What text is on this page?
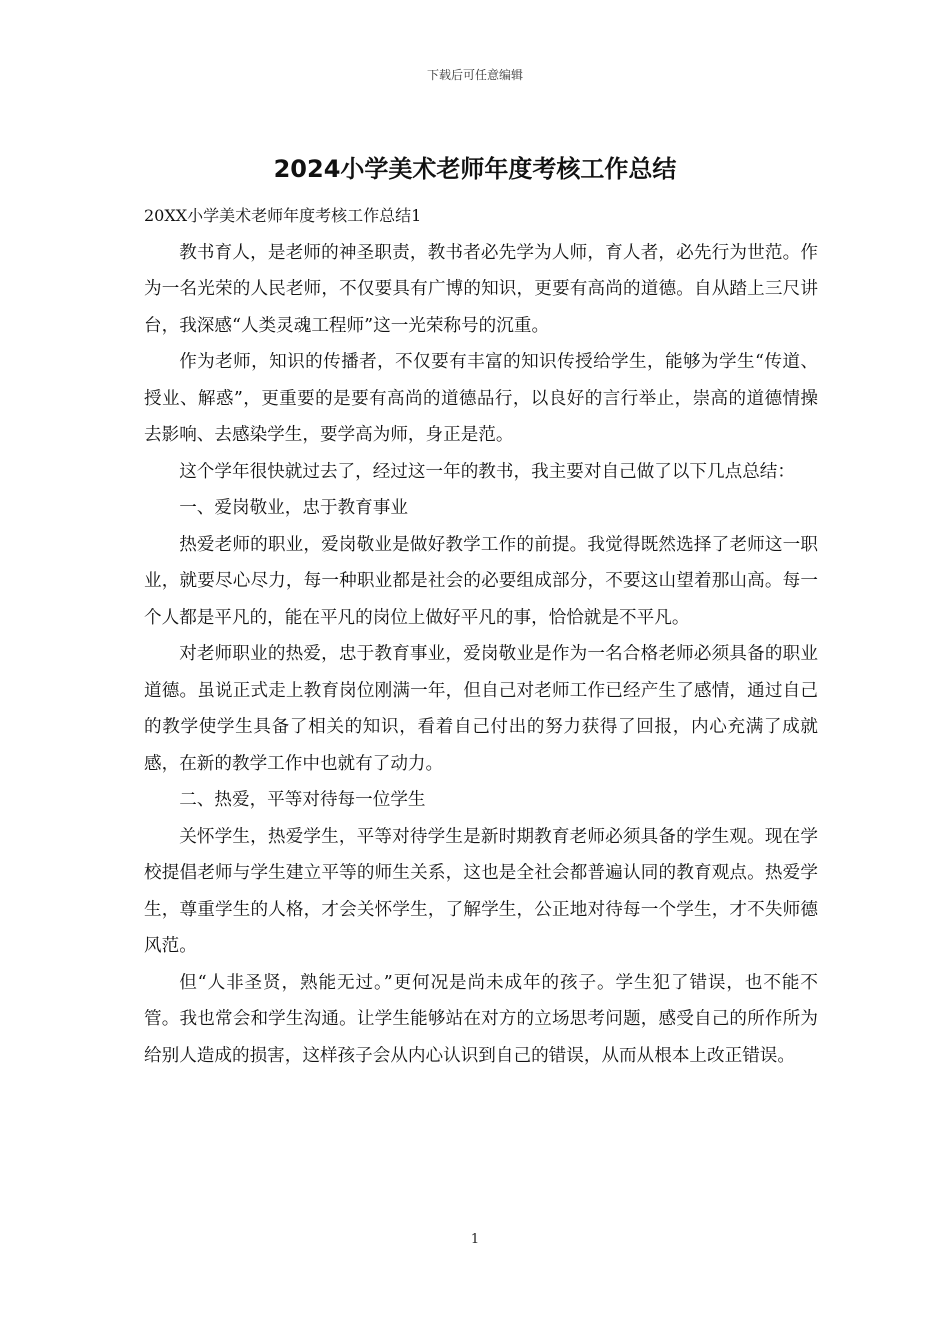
下载后可任意编辑
2024小学美术老师年度考核工作总结

20XX小学美术老师年度考核工作总结1

教书育人，是老师的神圣职责，教书者必先学为人师，育人者，必先行为世范。作为一名光荣的人民老师，不仅要具有广博的知识，更要有高尚的道德。自从踏上三尺讲台，我深感“人类灵魂工程师”这一光荣称号的沉重。

作为老师，知识的传播者，不仅要有丰富的知识传授给学生，能够为学生“传道、授业、解惑”，更重要的是要有高尚的道德品行，以良好的言行举止，崇高的道德情操去影响、去感染学生，要学高为师，身正是范。

这个学年很快就过去了，经过这一年的教书，我主要对自己做了以下几点总结：

一、爱岗敬业，忠于教育事业

热爱老师的职业，爱岗敬业是做好教学工作的前提。我觉得既然选择了老师这一职业，就要尽心尽力，每一种职业都是社会的必要组成部分，不要这山望着那山高。每一个人都是平凡的，能在平凡的岗位上做好平凡的事，恰恰就是不平凡。

对老师职业的热爱，忠于教育事业，爱岗敬业是作为一名合格老师必须具备的职业道德。虽说正式走上教育岗位刚满一年，但自己对老师工作已经产生了感情，通过自己的教学使学生具备了相关的知识，看着自己付出的努力获得了回报，内心充满了成就感，在新的教学工作中也就有了动力。

二、热爱，平等对待每一位学生

关怀学生，热爱学生，平等对待学生是新时期教育老师必须具备的学生观。现在学校提倡老师与学生建立平等的师生关系，这也是全社会都普遍认同的教育观点。热爱学生，尊重学生的人格，才会关怀学生，了解学生，公正地对待每一个学生，才不失师德风范。

但“人非圣贤，熟能无过。”更何况是尚未成年的孩子。学生犯了错误，也不能不管。我也常会和学生沟通。让学生能够站在对方的立场思考问题，感受自己的所作所为给别人造成的损害，这样孩子会从内心认识到自己的错误，从而从根本上改正错误。

1
